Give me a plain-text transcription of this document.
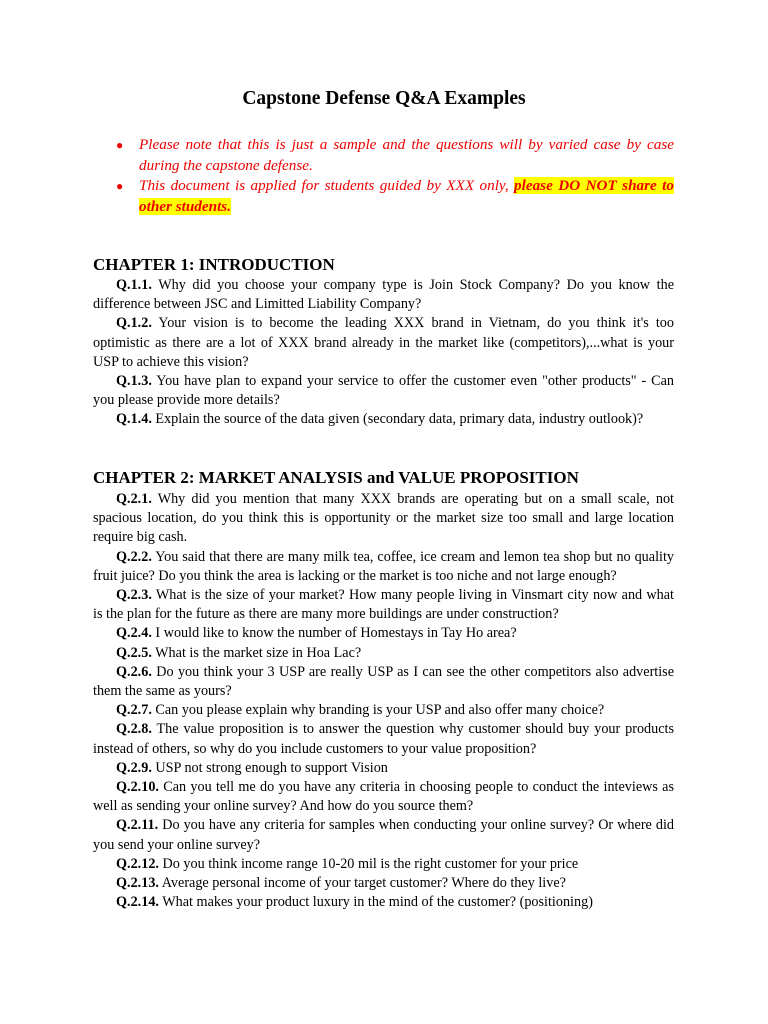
Capstone Defense Q&A Examples
● Please note that this is just a sample and the questions will by varied case by case during the capstone defense.
● This document is applied for students guided by XXX only, please DO NOT share to other students.
CHAPTER 1: INTRODUCTION

Q.1.1. Why did you choose your company type is Join Stock Company? Do you know the difference between JSC and Limitted Liability Company?

Q.1.2. Your vision is to become the leading XXX brand in Vietnam, do you think it's too optimistic as there are a lot of XXX brand already in the market like (competitors),...what is your USP to achieve this vision?

Q.1.3. You have plan to expand your service to offer the customer even "other products" - Can you please provide more details?

Q.1.4. Explain the source of the data given (secondary data, primary data, industry outlook)?

CHAPTER 2: MARKET ANALYSIS and VALUE PROPOSITION

Q.2.1. Why did you mention that many XXX brands are operating but on a small scale, not spacious location, do you think this is opportunity or the market size too small and large location require big cash.

Q.2.2. You said that there are many milk tea, coffee, ice cream and lemon tea shop but no quality fruit juice? Do you think the area is lacking or the market is too niche and not large enough?

Q.2.3. What is the size of your market? How many people living in Vinsmart city now and what is the plan for the future as there are many more buildings are under construction?

Q.2.4. I would like to know the number of Homestays in Tay Ho area?

Q.2.5. What is the market size in Hoa Lac?

Q.2.6. Do you think your 3 USP are really USP as I can see the other competitors also advertise them the same as yours?

Q.2.7. Can you please explain why branding is your USP and also offer many choice?

Q.2.8. The value proposition is to answer the question why customer should buy your products instead of others, so why do you include customers to your value proposition?

Q.2.9. USP not strong enough to support Vision

Q.2.10. Can you tell me do you have any criteria in choosing people to conduct the inteviews as well as sending your online survey? And how do you source them?

Q.2.11. Do you have any criteria for samples when conducting your online survey? Or where did you send your online survey?

Q.2.12. Do you think income range 10-20 mil is the right customer for your price

Q.2.13. Average personal income of your target customer? Where do they live?

Q.2.14. What makes your product luxury in the mind of the customer? (positioning)
